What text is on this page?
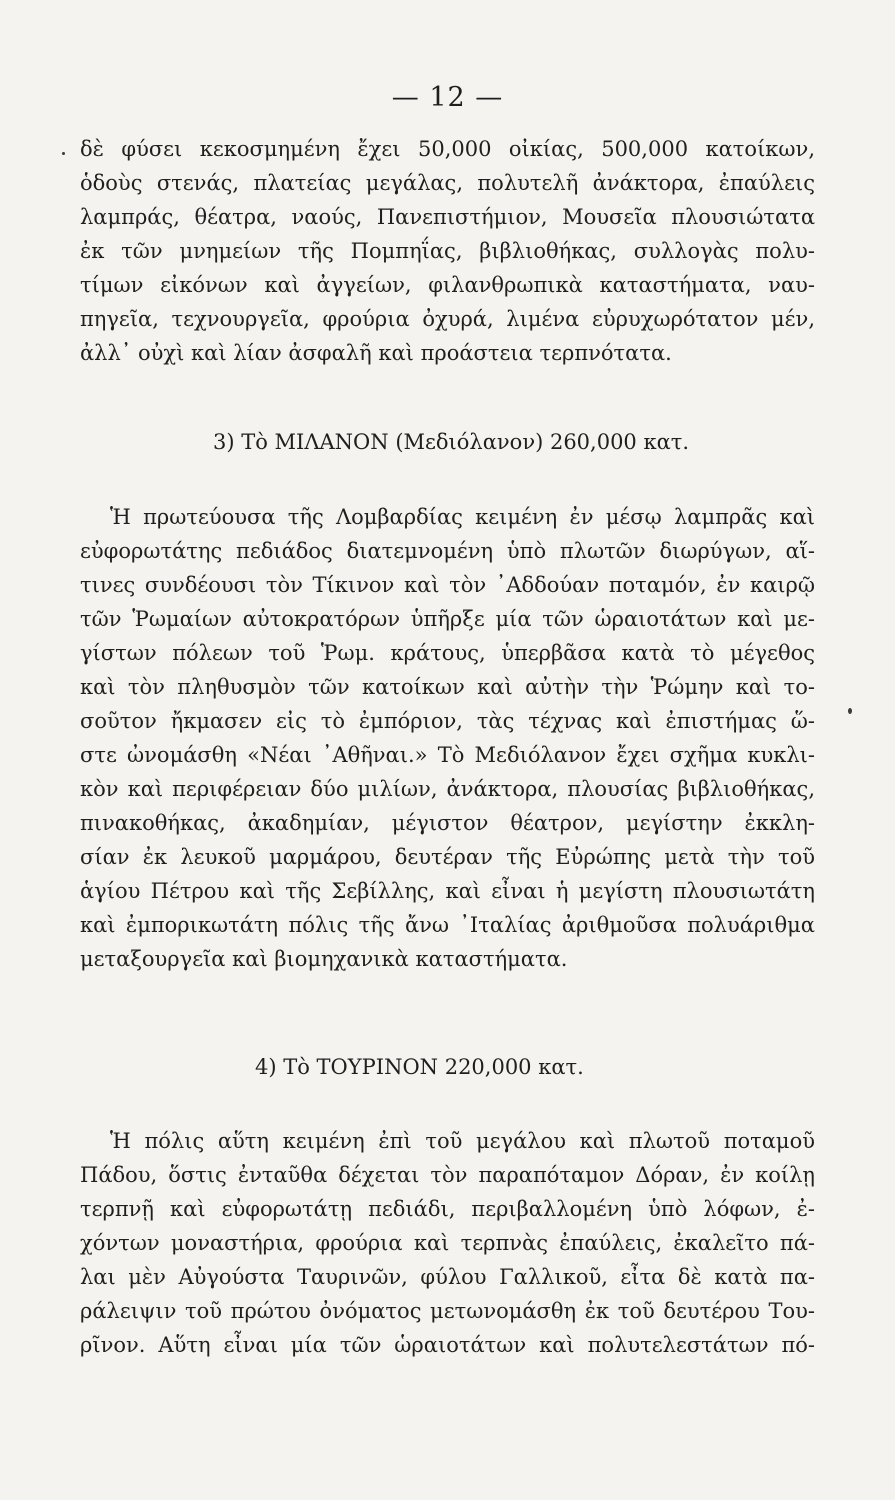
— 12 —
δὲ φύσει κεκοσμημένη ἔχει 50,000 οἰκίας, 500,000 κατοίκων,
ὁδοὺς στενάς, πλατείας μεγάλας, πολυτελῆ ἀνάκτορα, ἐπαύλεις
λαμπράς, θέατρα, ναούς, Πανεπιστήμιον, Μουσεῖα πλουσιώτατα
ἐκ τῶν μνημείων τῆς Πομπηΐας, βιβλιοθήκας, συλλογὰς πολυ-
τίμων εἰκόνων καὶ ἀγγείων, φιλανθρωπικὰ καταστήματα, ναυ-
πηγεῖα, τεχνουργεῖα, φρούρια ὀχυρά, λιμένα εὐρυχωρότατον μέν,
ἀλλ᾽ οὐχὶ καὶ λίαν ἀσφαλῆ καὶ προάστεια τερπνότατα.
3) Τὸ ΜΙΛΑΝΟΝ (Μεδιόλανον) 260,000 κατ.
Ἡ πρωτεύουσα τῆς Λομβαρδίας κειμένη ἐν μέσῳ λαμπρᾶς καὶ
εὐφορωτάτης πεδιάδος διατεμνομένη ὑπὸ πλωτῶν διωρύγων, αἵ-
τινες συνδέουσι τὸν Τίκινον καὶ τὸν ᾿Αδδούαν ποταμόν, ἐν καιρῷ
τῶν Ῥωμαίων αὐτοκρατόρων ὑπῆρξε μία τῶν ὡραιοτάτων καὶ με-
γίστων πόλεων τοῦ Ῥωμ. κράτους, ὑπερβᾶσα κατὰ τὸ μέγεθος
καὶ τὸν πληθυσμὸν τῶν κατοίκων καὶ αὐτὴν τὴν Ῥώμην καὶ το-
σοῦτον ἤκμασεν εἰς τὸ ἐμπόριον, τὰς τέχνας καὶ ἐπιστήμας ὥ-
στε ὠνομάσθη «Νέαι ᾿Αθῆναι.» Τὸ Μεδιόλανον ἔχει σχῆμα κυκλι-
κὸν καὶ περιφέρειαν δύο μιλίων, ἀνάκτορα, πλουσίας βιβλιοθήκας,
πινακοθήκας, ἀκαδημίαν, μέγιστον θέατρον, μεγίστην ἐκκλη-
σίαν ἐκ λευκοῦ μαρμάρου, δευτέραν τῆς Εὐρώπης μετὰ τὴν τοῦ
ἁγίου Πέτρου καὶ τῆς Σεβίλλης, καὶ εἶναι ἡ μεγίστη πλουσιωτάτη
καὶ ἐμπορικωτάτη πόλις τῆς ἄνω ᾿Ιταλίας ἀριθμοῦσα πολυάριθμα
μεταξουργεῖα καὶ βιομηχανικὰ καταστήματα.
4) Τὸ ΤΟΥΡΙΝΟΝ 220,000 κατ.
Ἡ πόλις αὕτη κειμένη ἐπὶ τοῦ μεγάλου καὶ πλωτοῦ ποταμοῦ
Πάδου, ὅστις ἐνταῦθα δέχεται τὸν παραπόταμον Δόραν, ἐν κοίλῃ
τερπνῇ καὶ εὐφορωτάτῃ πεδιάδι, περιβαλλομένη ὑπὸ λόφων, ἐ-
χόντων μοναστήρια, φρούρια καὶ τερπνὰς ἐπαύλεις, ἐκαλεῖτο πά-
λαι μὲν Αὐγούστα Ταυρινῶν, φύλου Γαλλικοῦ, εἶτα δὲ κατὰ πα-
ράλειψιν τοῦ πρώτου ὀνόματος μετωνομάσθη ἐκ τοῦ δευτέρου Του-
ρῖνον. Αὕτη εἶναι μία τῶν ὡραιοτάτων καὶ πολυτελεστάτων πό-
